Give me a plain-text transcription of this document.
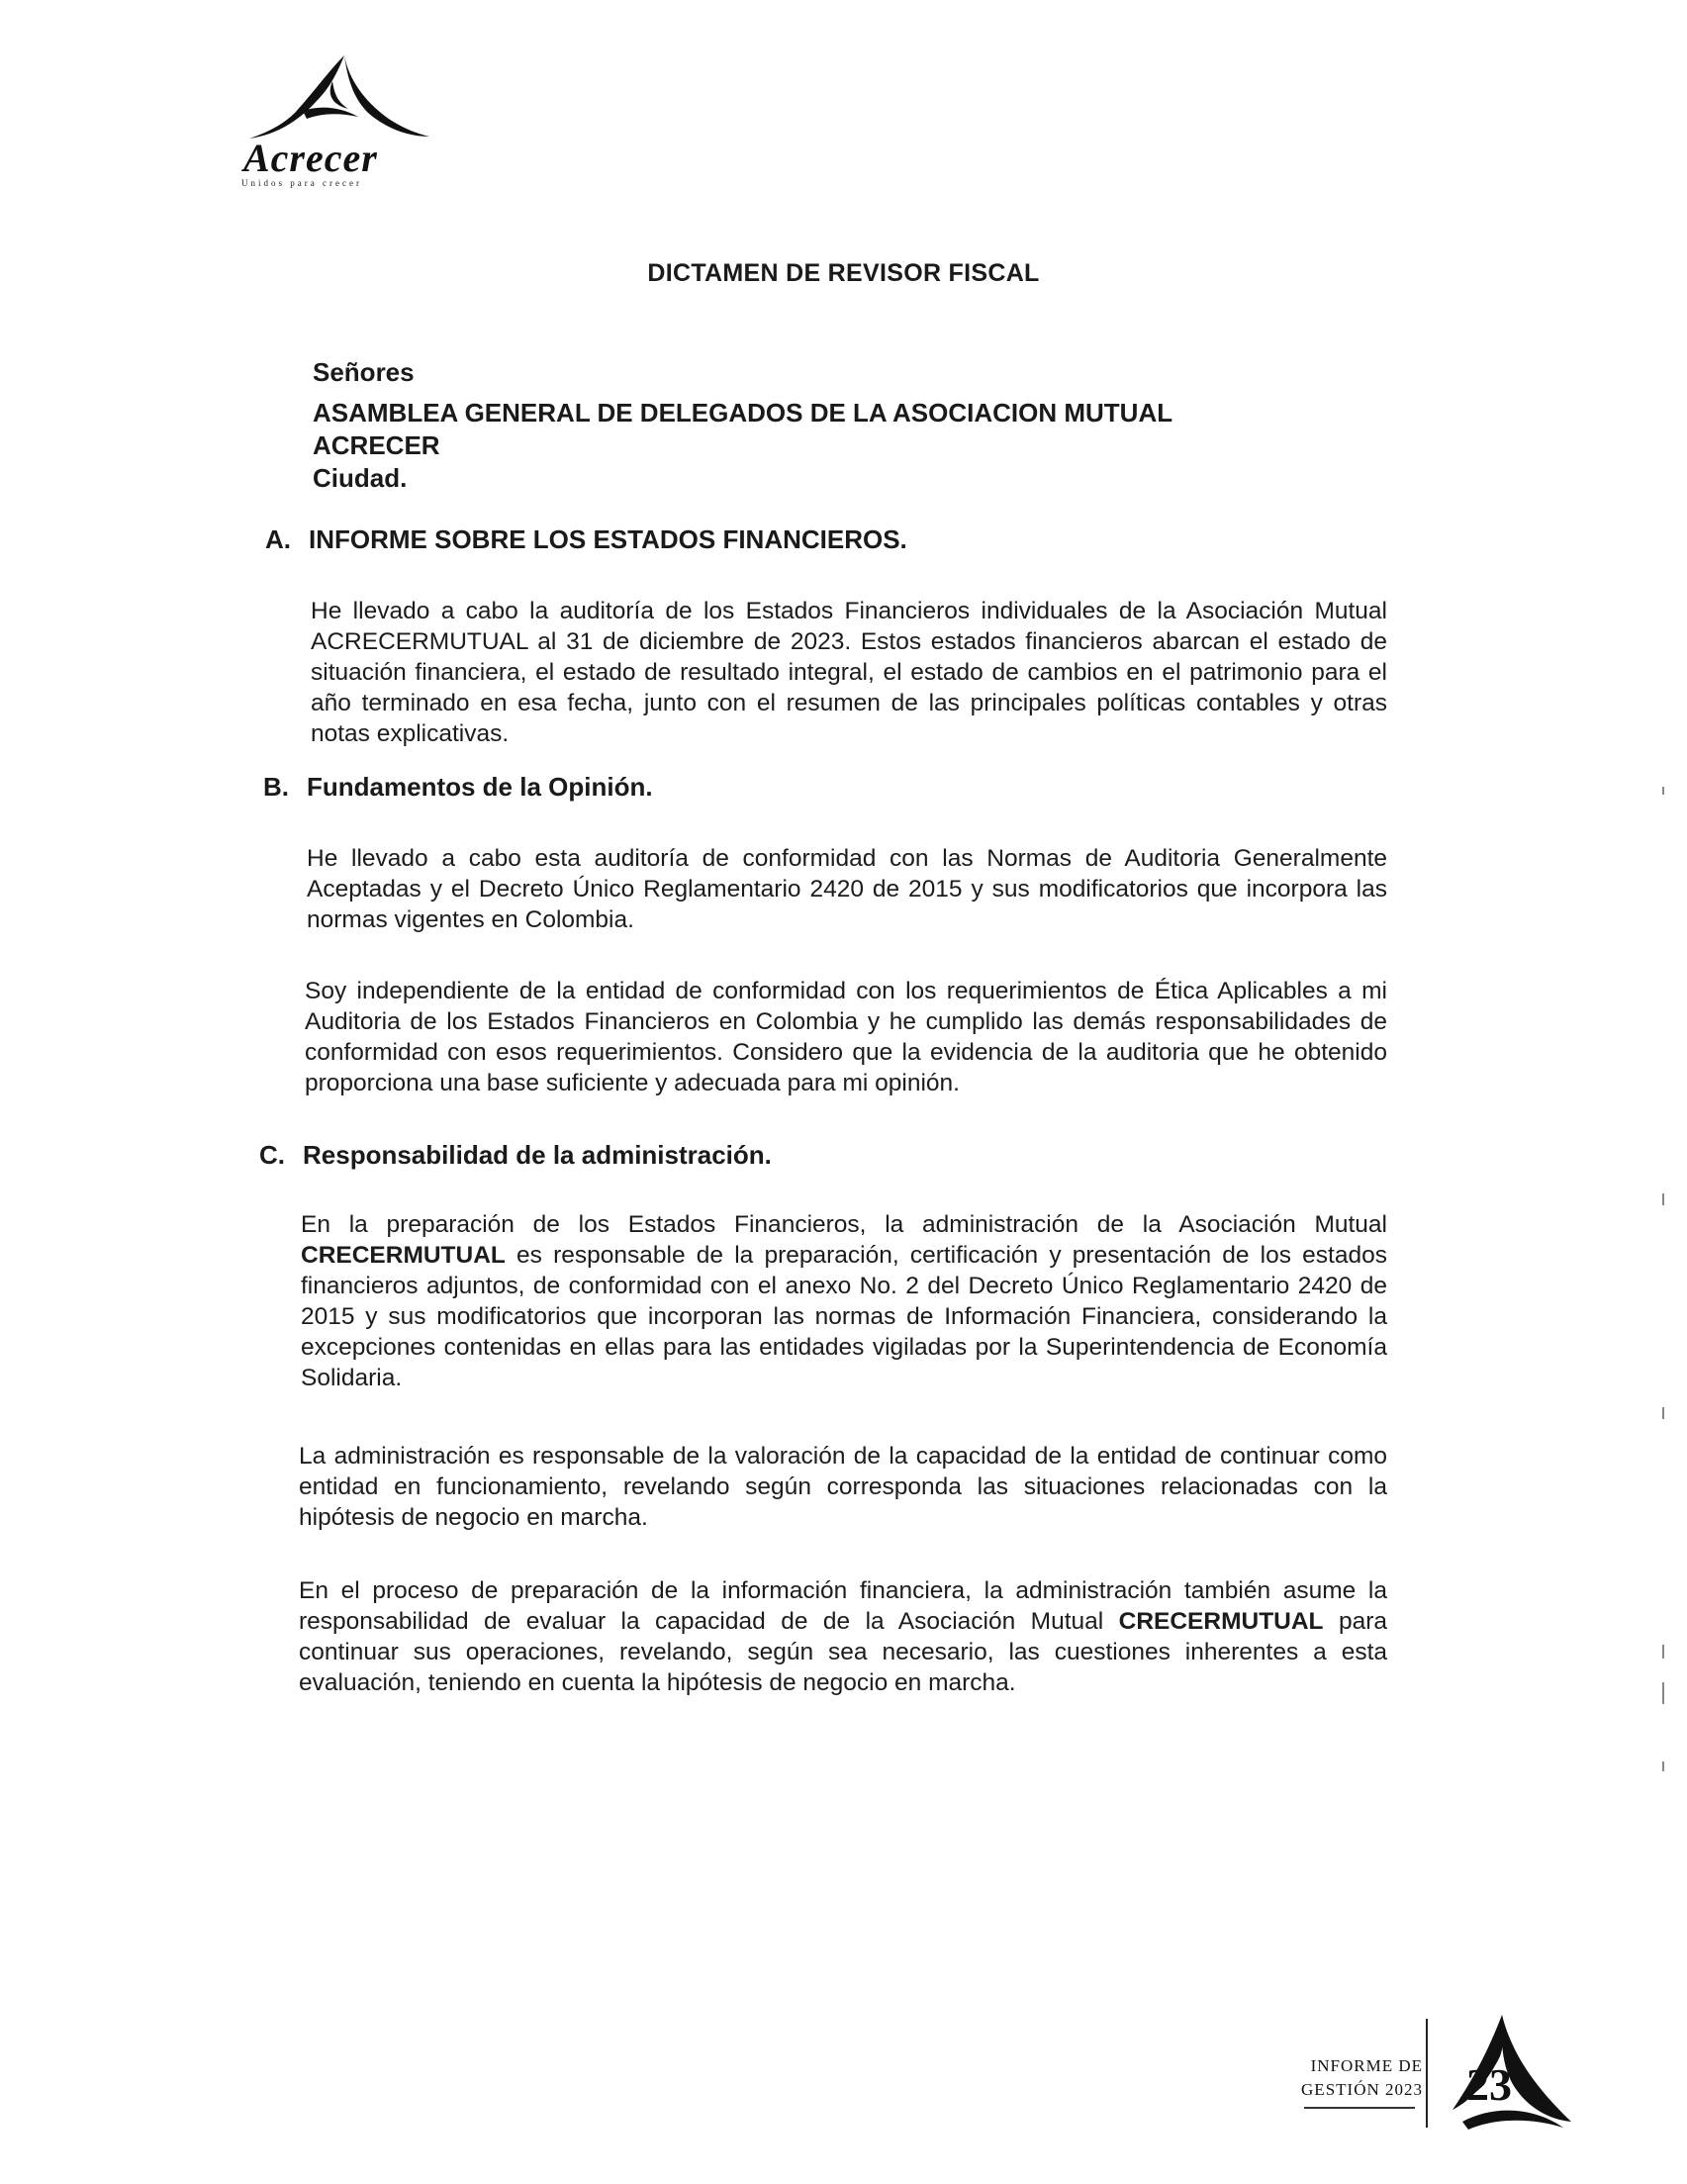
Acrecer
Unidos para crecer
DICTAMEN DE REVISOR FISCAL
Señores
ASAMBLEA GENERAL DE DELEGADOS DE LA ASOCIACION MUTUAL
ACRECER
Ciudad.
A. INFORME SOBRE LOS ESTADOS FINANCIEROS.
He llevado a cabo la auditoría de los Estados Financieros individuales de la Asociación Mutual ACRECERMUTUAL al 31 de diciembre de 2023. Estos estados financieros abarcan el estado de situación financiera, el estado de resultado integral, el estado de cambios en el patrimonio para el año terminado en esa fecha, junto con el resumen de las principales políticas contables y otras notas explicativas.
B. Fundamentos de la Opinión.
He llevado a cabo esta auditoría de conformidad con las Normas de Auditoria Generalmente Aceptadas y el Decreto Único Reglamentario 2420 de 2015 y sus modificatorios que incorpora las normas vigentes en Colombia.
Soy independiente de la entidad de conformidad con los requerimientos de Ética Aplicables a mi Auditoria de los Estados Financieros en Colombia y he cumplido las demás responsabilidades de conformidad con esos requerimientos. Considero que la evidencia de la auditoria que he obtenido proporciona una base suficiente y adecuada para mi opinión.
C. Responsabilidad de la administración.
En la preparación de los Estados Financieros, la administración de la Asociación Mutual CRECERMUTUAL es responsable de la preparación, certificación y presentación de los estados financieros adjuntos, de conformidad con el anexo No. 2 del Decreto Único Reglamentario 2420 de 2015 y sus modificatorios que incorporan las normas de Información Financiera, considerando la excepciones contenidas en ellas para las entidades vigiladas por la Superintendencia de Economía Solidaria.
La administración es responsable de la valoración de la capacidad de la entidad de continuar como entidad en funcionamiento, revelando según corresponda las situaciones relacionadas con la hipótesis de negocio en marcha.
En el proceso de preparación de la información financiera, la administración también asume la responsabilidad de evaluar la capacidad de de la Asociación Mutual CRECERMUTUAL para continuar sus operaciones, revelando, según sea necesario, las cuestiones inherentes a esta evaluación, teniendo en cuenta la hipótesis de negocio en marcha.
INFORME DE
GESTIÓN 2023 23
